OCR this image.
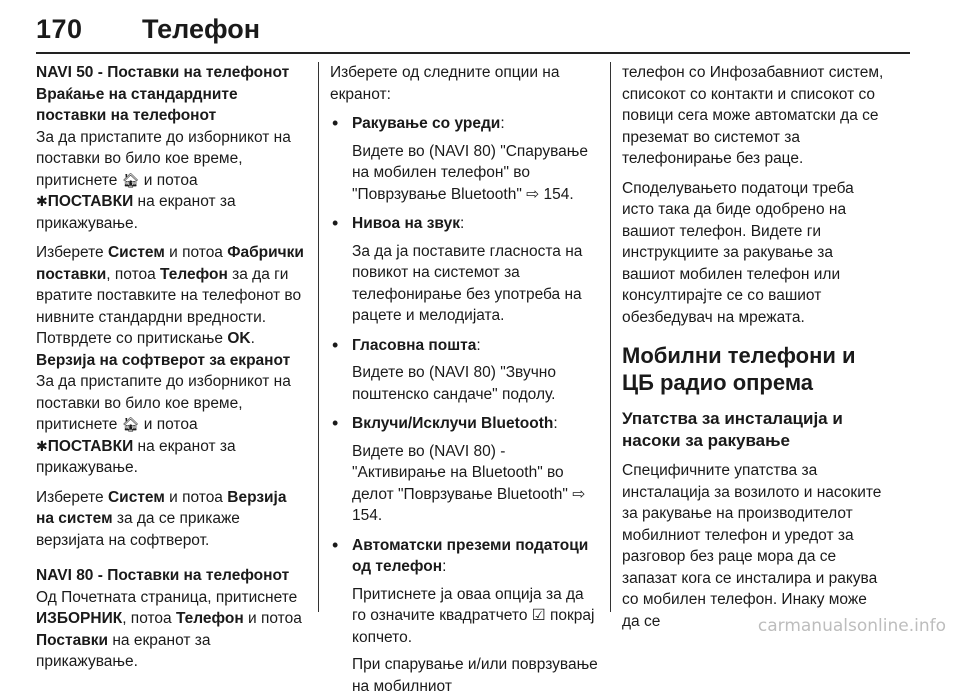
170 Телефон

NAVI 50 - Поставки на телефонот

Враќање на стандардните поставки на телефонот

За да пристапите до изборникот на поставки во било кое време, притиснете 🏠︎ и потоа
✱ПОСТАВКИ на екранот за прикажување.

Изберете Систем и потоа Фабрички поставки, потоа Телефон за да ги вратите поставките на телефонот во нивните стандардни вредности. Потврдете со притискање OK.

Верзија на софтверот за екранот

За да пристапите до изборникот на поставки во било кое време, притиснете 🏠︎ и потоа
✱ПОСТАВКИ на екранот за прикажување.

Изберете Систем и потоа Верзија на систем за да се прикаже верзијата на софтверот.

NAVI 80 - Поставки на телефонот

Од Почетната страница, притиснете ИЗБОРНИК, потоа Телефон и потоа Поставки на екранот за прикажување.

Изберете од следните опции на екранот:

• Ракување со уреди:

Видете во (NAVI 80) "Спарување на мобилен телефон" во "Поврзување Bluetooth" ⇨ 154.

• Нивоа на звук:

За да ја поставите гласноста на повикот на системот за телефонирање без употреба на рацете и мелодијата.

• Гласовна пошта:

Видете во (NAVI 80) "Звучно поштенско сандаче" подолу.

• Вклучи/Исклучи Bluetooth:

Видете во (NAVI 80) - "Активирање на Bluetooth" во делот "Поврзување Bluetooth" ⇨ 154.

• Автоматски преземи податоци од телефон:

Притиснете ја оваа опција за да го означите квадратчето ☑ покрај копчето.

При спарување и/или поврзување на мобилниот

телефон со Инфозабавниот систем, списокот со контакти и списокот со повици сега може автоматски да се преземат во системот за телефонирање без раце.

Споделувањето податоци треба исто така да биде одобрено на вашиот телефон. Видете ги инструкциите за ракување за вашиот мобилен телефон или консултирајте се со вашиот обезбедувач на мрежата.

Мобилни телефони и ЦБ радио опрема

Упатства за инсталација и насоки за ракување

Специфичните упатства за инсталација за возилото и насоките за ракување на производителот мобилниот телефон и уредот за разговор без раце мора да се запазат кога се инсталира и ракува со мобилен телефон. Инаку може да се	carmanualsonline.info
